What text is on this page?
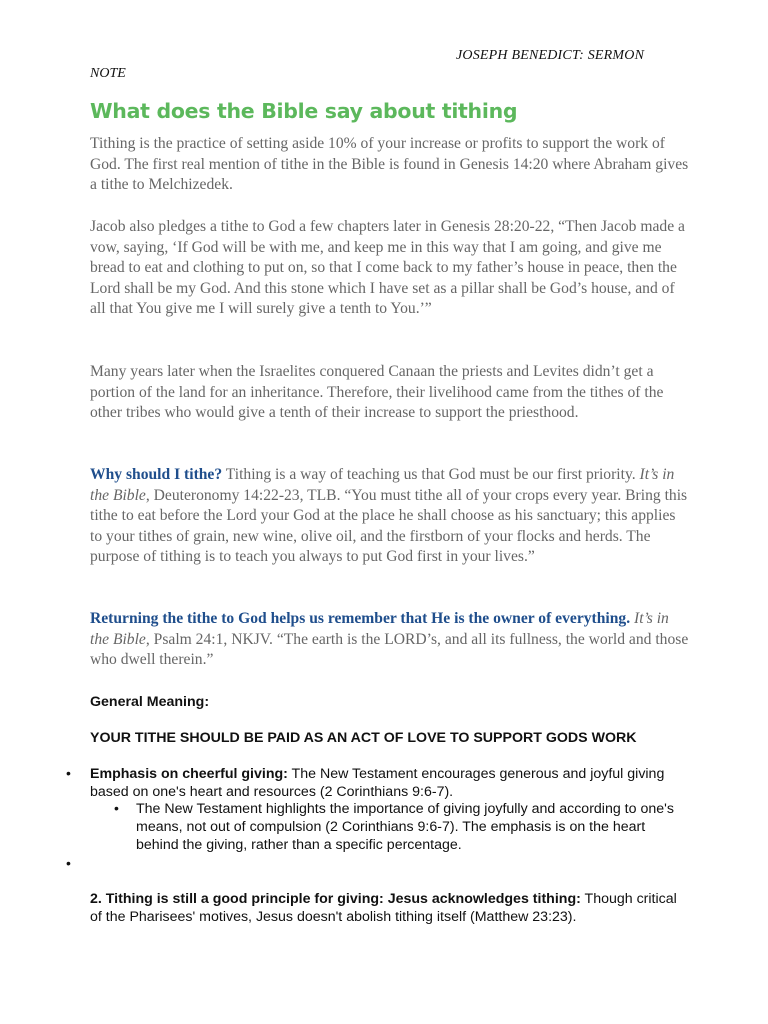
JOSEPH BENEDICT: SERMON
NOTE
What does the Bible say about tithing
Tithing is the practice of setting aside 10% of your increase or profits to support the work of God. The first real mention of tithe in the Bible is found in Genesis 14:20 where Abraham gives a tithe to Melchizedek.
Jacob also pledges a tithe to God a few chapters later in Genesis 28:20-22, “Then Jacob made a vow, saying, ‘If God will be with me, and keep me in this way that I am going, and give me bread to eat and clothing to put on, so that I come back to my father’s house in peace, then the Lord shall be my God. And this stone which I have set as a pillar shall be God’s house, and of all that You give me I will surely give a tenth to You.’”
Many years later when the Israelites conquered Canaan the priests and Levites didn’t get a portion of the land for an inheritance. Therefore, their livelihood came from the tithes of the other tribes who would give a tenth of their increase to support the priesthood.
Why should I tithe? Tithing is a way of teaching us that God must be our first priority. It’s in the Bible, Deuteronomy 14:22-23, TLB. “You must tithe all of your crops every year. Bring this tithe to eat before the Lord your God at the place he shall choose as his sanctuary; this applies to your tithes of grain, new wine, olive oil, and the firstborn of your flocks and herds. The purpose of tithing is to teach you always to put God first in your lives.”
Returning the tithe to God helps us remember that He is the owner of everything. It’s in the Bible, Psalm 24:1, NKJV. “The earth is the LORD’s, and all its fullness, the world and those who dwell therein.”
General Meaning:
YOUR TITHE SHOULD BE PAID AS AN ACT OF LOVE TO SUPPORT GODS WORK
• Emphasis on cheerful giving: The New Testament encourages generous and joyful giving based on one's heart and resources (2 Corinthians 9:6-7).
• The New Testament highlights the importance of giving joyfully and according to one's means, not out of compulsion (2 Corinthians 9:6-7). The emphasis is on the heart behind the giving, rather than a specific percentage.
•
2. Tithing is still a good principle for giving: Jesus acknowledges tithing: Though critical of the Pharisees' motives, Jesus doesn't abolish tithing itself (Matthew 23:23).
